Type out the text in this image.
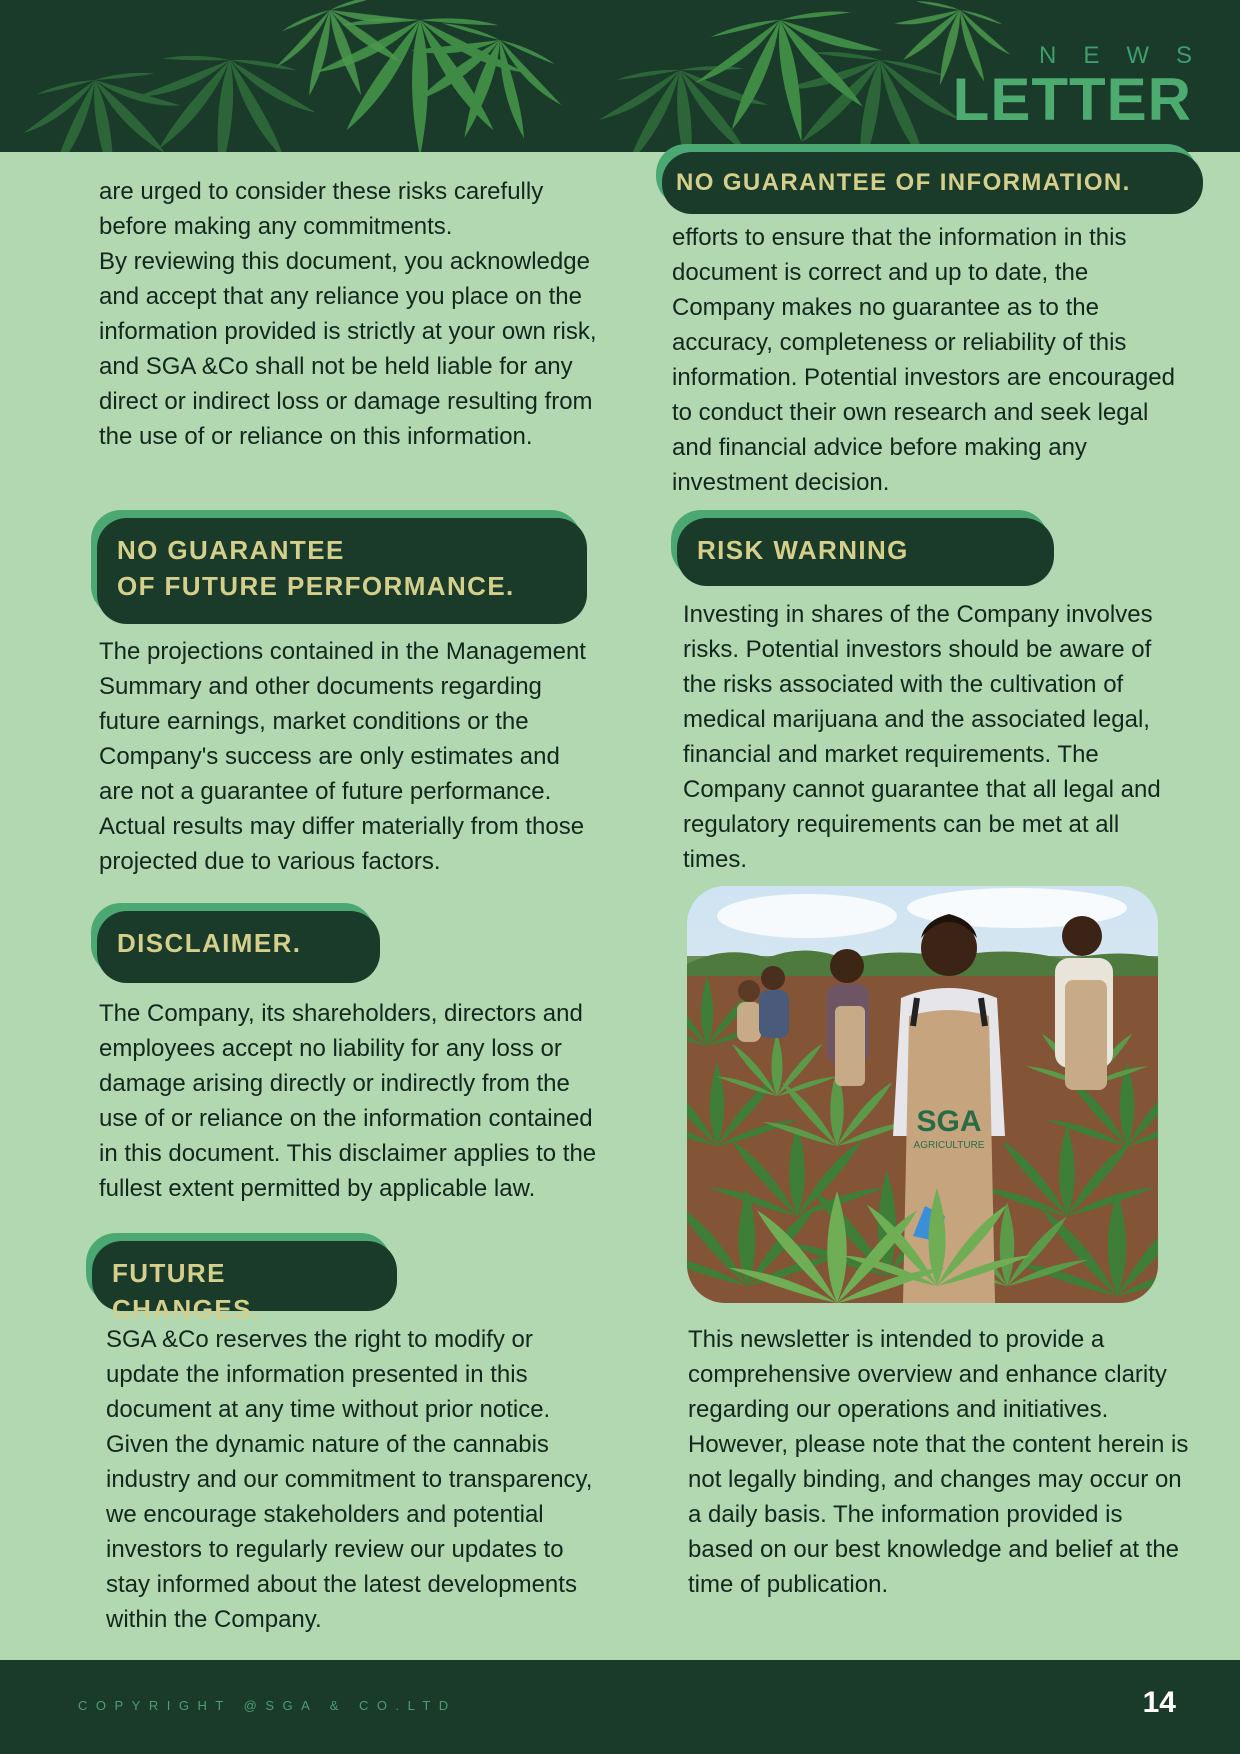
NEWS
LETTER

are urged to consider these risks carefully before making any commitments.
By reviewing this document, you acknowledge and accept that any reliance you place on the information provided is strictly at your own risk, and SGA &Co shall not be held liable for any direct or indirect loss or damage resulting from the use of or reliance on this information.

NO GUARANTEE
OF FUTURE PERFORMANCE.

The projections contained in the Management Summary and other documents regarding future earnings, market conditions or the Company's success are only estimates and are not a guarantee of future performance. Actual results may differ materially from those projected due to various factors.

DISCLAIMER.

The Company, its shareholders, directors and employees accept no liability for any loss or damage arising directly or indirectly from the use of or reliance on the information contained in this document. This disclaimer applies to the fullest extent permitted by applicable law.

FUTURE CHANGES.

SGA &Co reserves the right to modify or update the information presented in this document at any time without prior notice. Given the dynamic nature of the cannabis industry and our commitment to transparency, we encourage stakeholders and potential investors to regularly review our updates to stay informed about the latest developments within the Company.

NO GUARANTEE OF INFORMATION.

efforts to ensure that the information in this document is correct and up to date, the Company makes no guarantee as to the accuracy, completeness or reliability of this information. Potential investors are encouraged to conduct their own research and seek legal and financial advice before making any investment decision.

RISK WARNING

Investing in shares of the Company involves risks. Potential investors should be aware of the risks associated with the cultivation of medical marijuana and the associated legal, financial and market requirements. The Company cannot guarantee that all legal and regulatory requirements can be met at all times.

SGA
AGRICULTURE

This newsletter is intended to provide a comprehensive overview and enhance clarity regarding our operations and initiatives. However, please note that the content herein is not legally binding, and changes may occur on a daily basis. The information provided is based on our best knowledge and belief at the time of publication.

COPYRIGHT @SGA & CO.LTD	14
